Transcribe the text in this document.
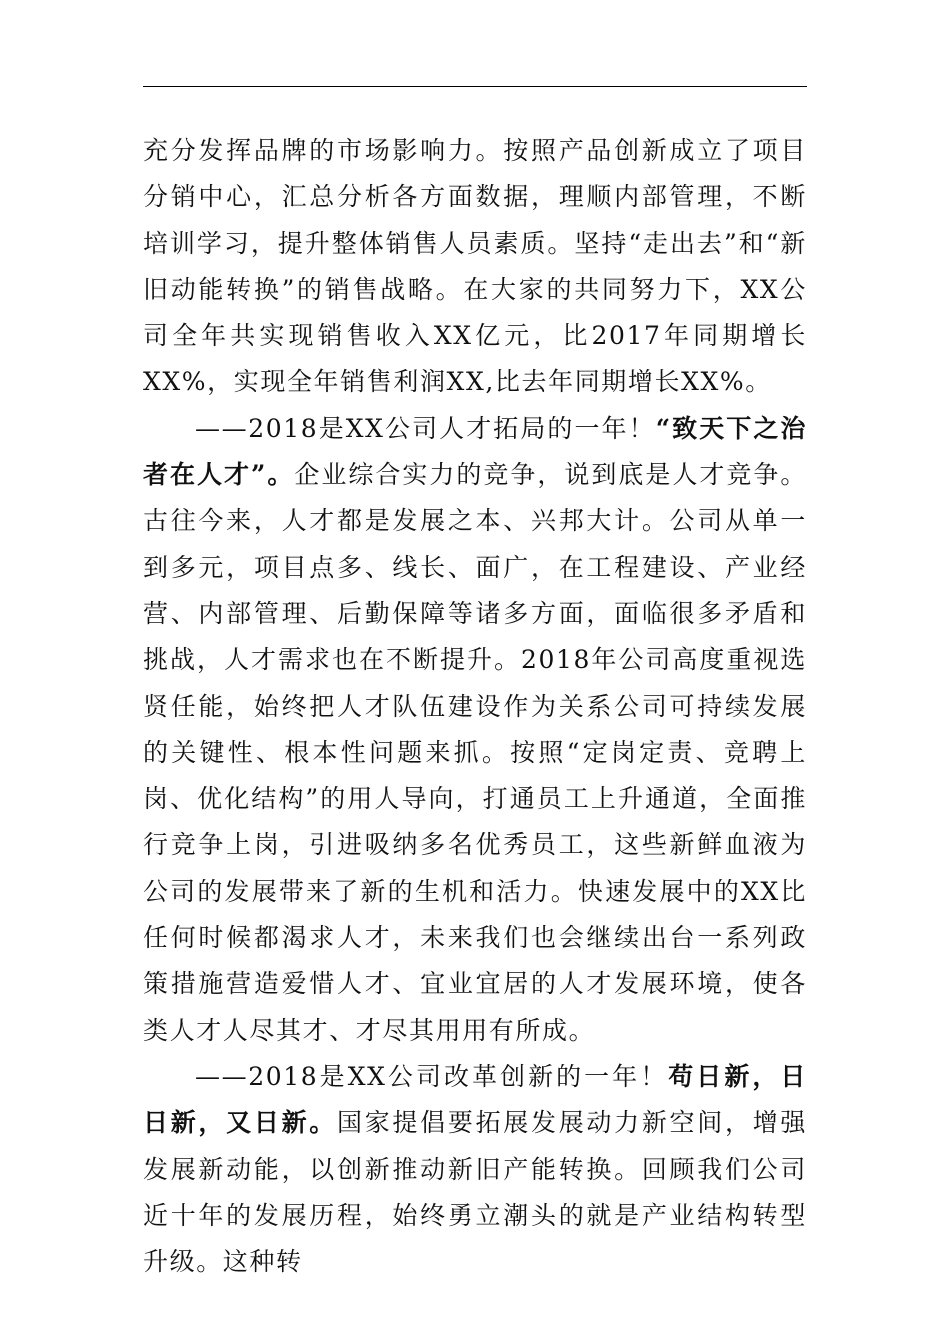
充分发挥品牌的市场影响力。按照产品创新成立了项目分销中心，汇总分析各方面数据，理顺内部管理，不断培训学习，提升整体销售人员素质。坚持“走出去”和“新旧动能转换”的销售战略。在大家的共同努力下，XX公司全年共实现销售收入XX亿元，比2017年同期增长XX%，实现全年销售利润XX,比去年同期增长XX%。

——2018是XX公司人才拓局的一年！“致天下之治者在人才”。企业综合实力的竞争，说到底是人才竞争。古往今来，人才都是发展之本、兴邦大计。公司从单一到多元，项目点多、线长、面广，在工程建设、产业经营、内部管理、后勤保障等诸多方面，面临很多矛盾和挑战，人才需求也在不断提升。2018年公司高度重视选贤任能，始终把人才队伍建设作为关系公司可持续发展的关键性、根本性问题来抓。按照“定岗定责、竞聘上岗、优化结构”的用人导向，打通员工上升通道，全面推行竞争上岗，引进吸纳多名优秀员工，这些新鲜血液为公司的发展带来了新的生机和活力。快速发展中的XX比任何时候都渴求人才，未来我们也会继续出台一系列政策措施营造爱惜人才、宜业宜居的人才发展环境，使各类人才人尽其才、才尽其用用有所成。

——2018是XX公司改革创新的一年！苟日新，日日新，又日新。国家提倡要拓展发展动力新空间，增强发展新动能，以创新推动新旧产能转换。回顾我们公司近十年的发展历程，始终勇立潮头的就是产业结构转型升级。这种转
